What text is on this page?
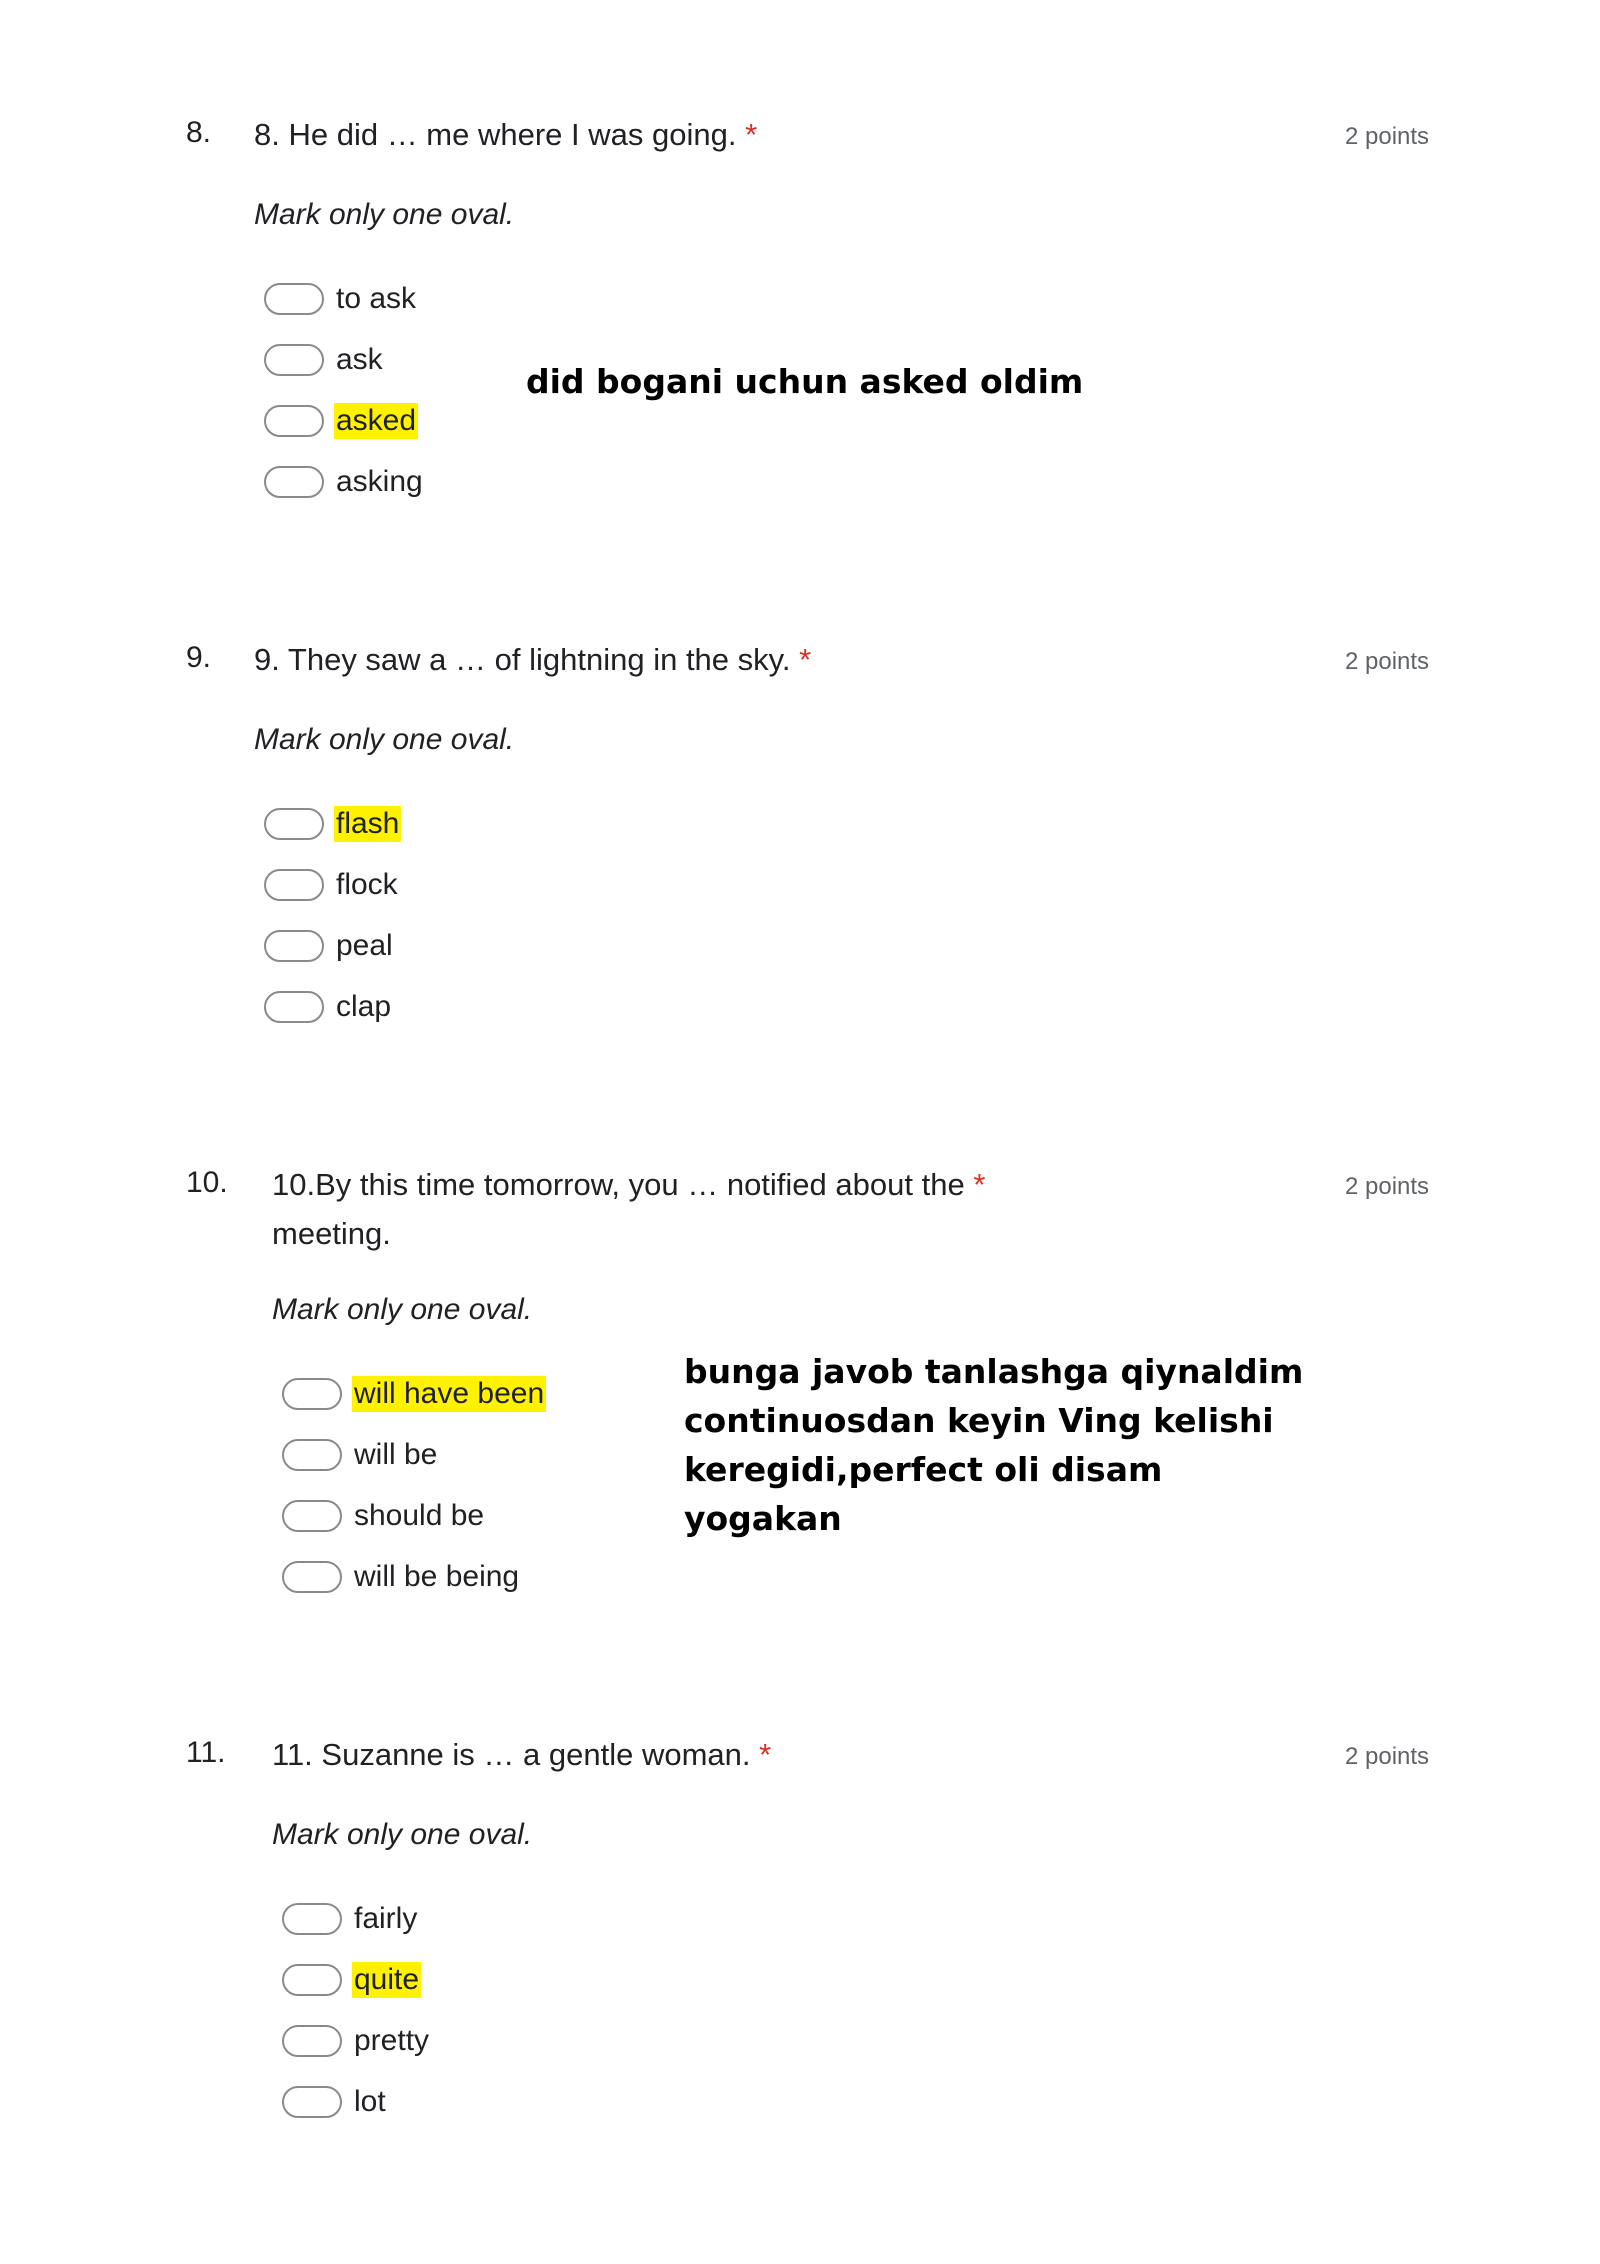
8. 8. He did … me where I was going. *	2 points
Mark only one oval.
to ask
ask
asked
asking
did bogani uchun asked oldim
9. 9. They saw a … of lightning in the sky. *	2 points
Mark only one oval.
flash
flock
peal
clap
10. 10.By this time tomorrow, you … notified about the *
meeting.
2 points
Mark only one oval.
will have been
will be
should be
will be being
bunga javob tanlashga qiynaldim
continuosdan keyin Ving kelishi
keregidi,perfect oli disam
yogakan
11. 11. Suzanne is … a gentle woman. *	2 points
Mark only one oval.
fairly
quite
pretty
lot
